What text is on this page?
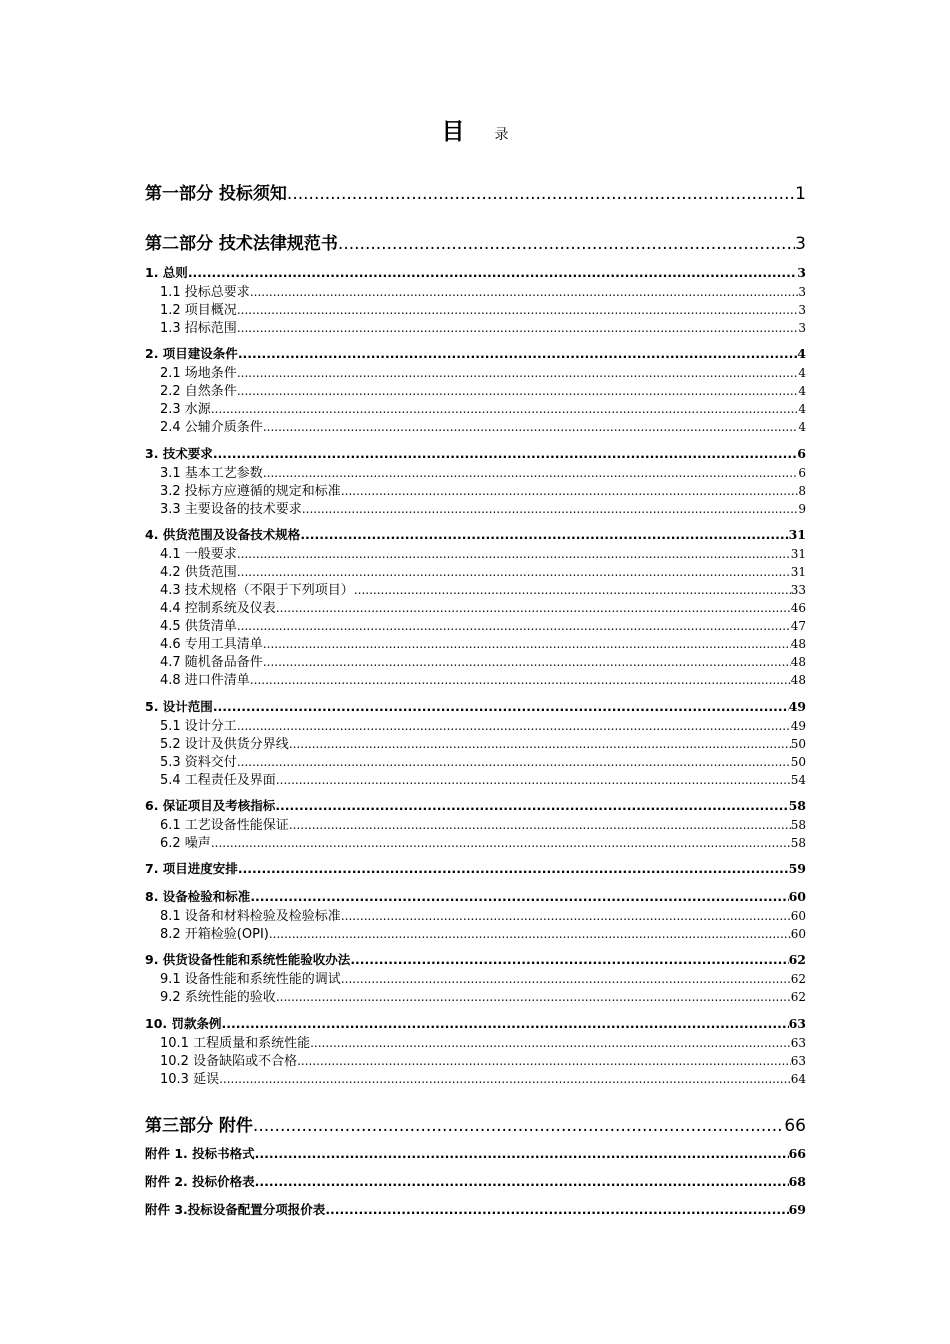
目 录
第一部分 投标须知 .....	1
第二部分 技术法律规范书 .....	3
1. 总则 .....	3
1.1 投标总要求 .....	3
1.2 项目概况 .....	3
1.3 招标范围 .....	3
2. 项目建设条件 .....	4
2.1 场地条件 .....	4
2.2 自然条件 .....	4
2.3 水源 .....	4
2.4 公辅介质条件 .....	4
3. 技术要求 .....	6
3.1 基本工艺参数 .....	6
3.2 投标方应遵循的规定和标准 .....	8
3.3 主要设备的技术要求 .....	9
4. 供货范围及设备技术规格 .....	31
4.1 一般要求 .....	31
4.2 供货范围 .....	31
4.3 技术规格（不限于下列项目） .....	33
4.4 控制系统及仪表 .....	46
4.5 供货清单 .....	47
4.6 专用工具清单 .....	48
4.7 随机备品备件 .....	48
4.8 进口件清单 .....	48
5. 设计范围 .....	49
5.1 设计分工 .....	49
5.2 设计及供货分界线 .....	50
5.3 资料交付 .....	50
5.4 工程责任及界面 .....	54
6. 保证项目及考核指标 .....	58
6.1 工艺设备性能保证 .....	58
6.2 噪声 .....	58
7. 项目进度安排 .....	59
8. 设备检验和标准 .....	60
8.1 设备和材料检验及检验标准 .....	60
8.2 开箱检验(OPI) .....	60
9. 供货设备性能和系统性能验收办法 .....	62
9.1 设备性能和系统性能的调试 .....	62
9.2 系统性能的验收 .....	62
10. 罚款条例 .....	63
10.1 工程质量和系统性能 .....	63
10.2 设备缺陷或不合格 .....	63
10.3 延误 .....	64
第三部分 附件 .....	66
附件 1. 投标书格式 .....	66
附件 2. 投标价格表 .....	68
附件 3.投标设备配置分项报价表 .....	69
